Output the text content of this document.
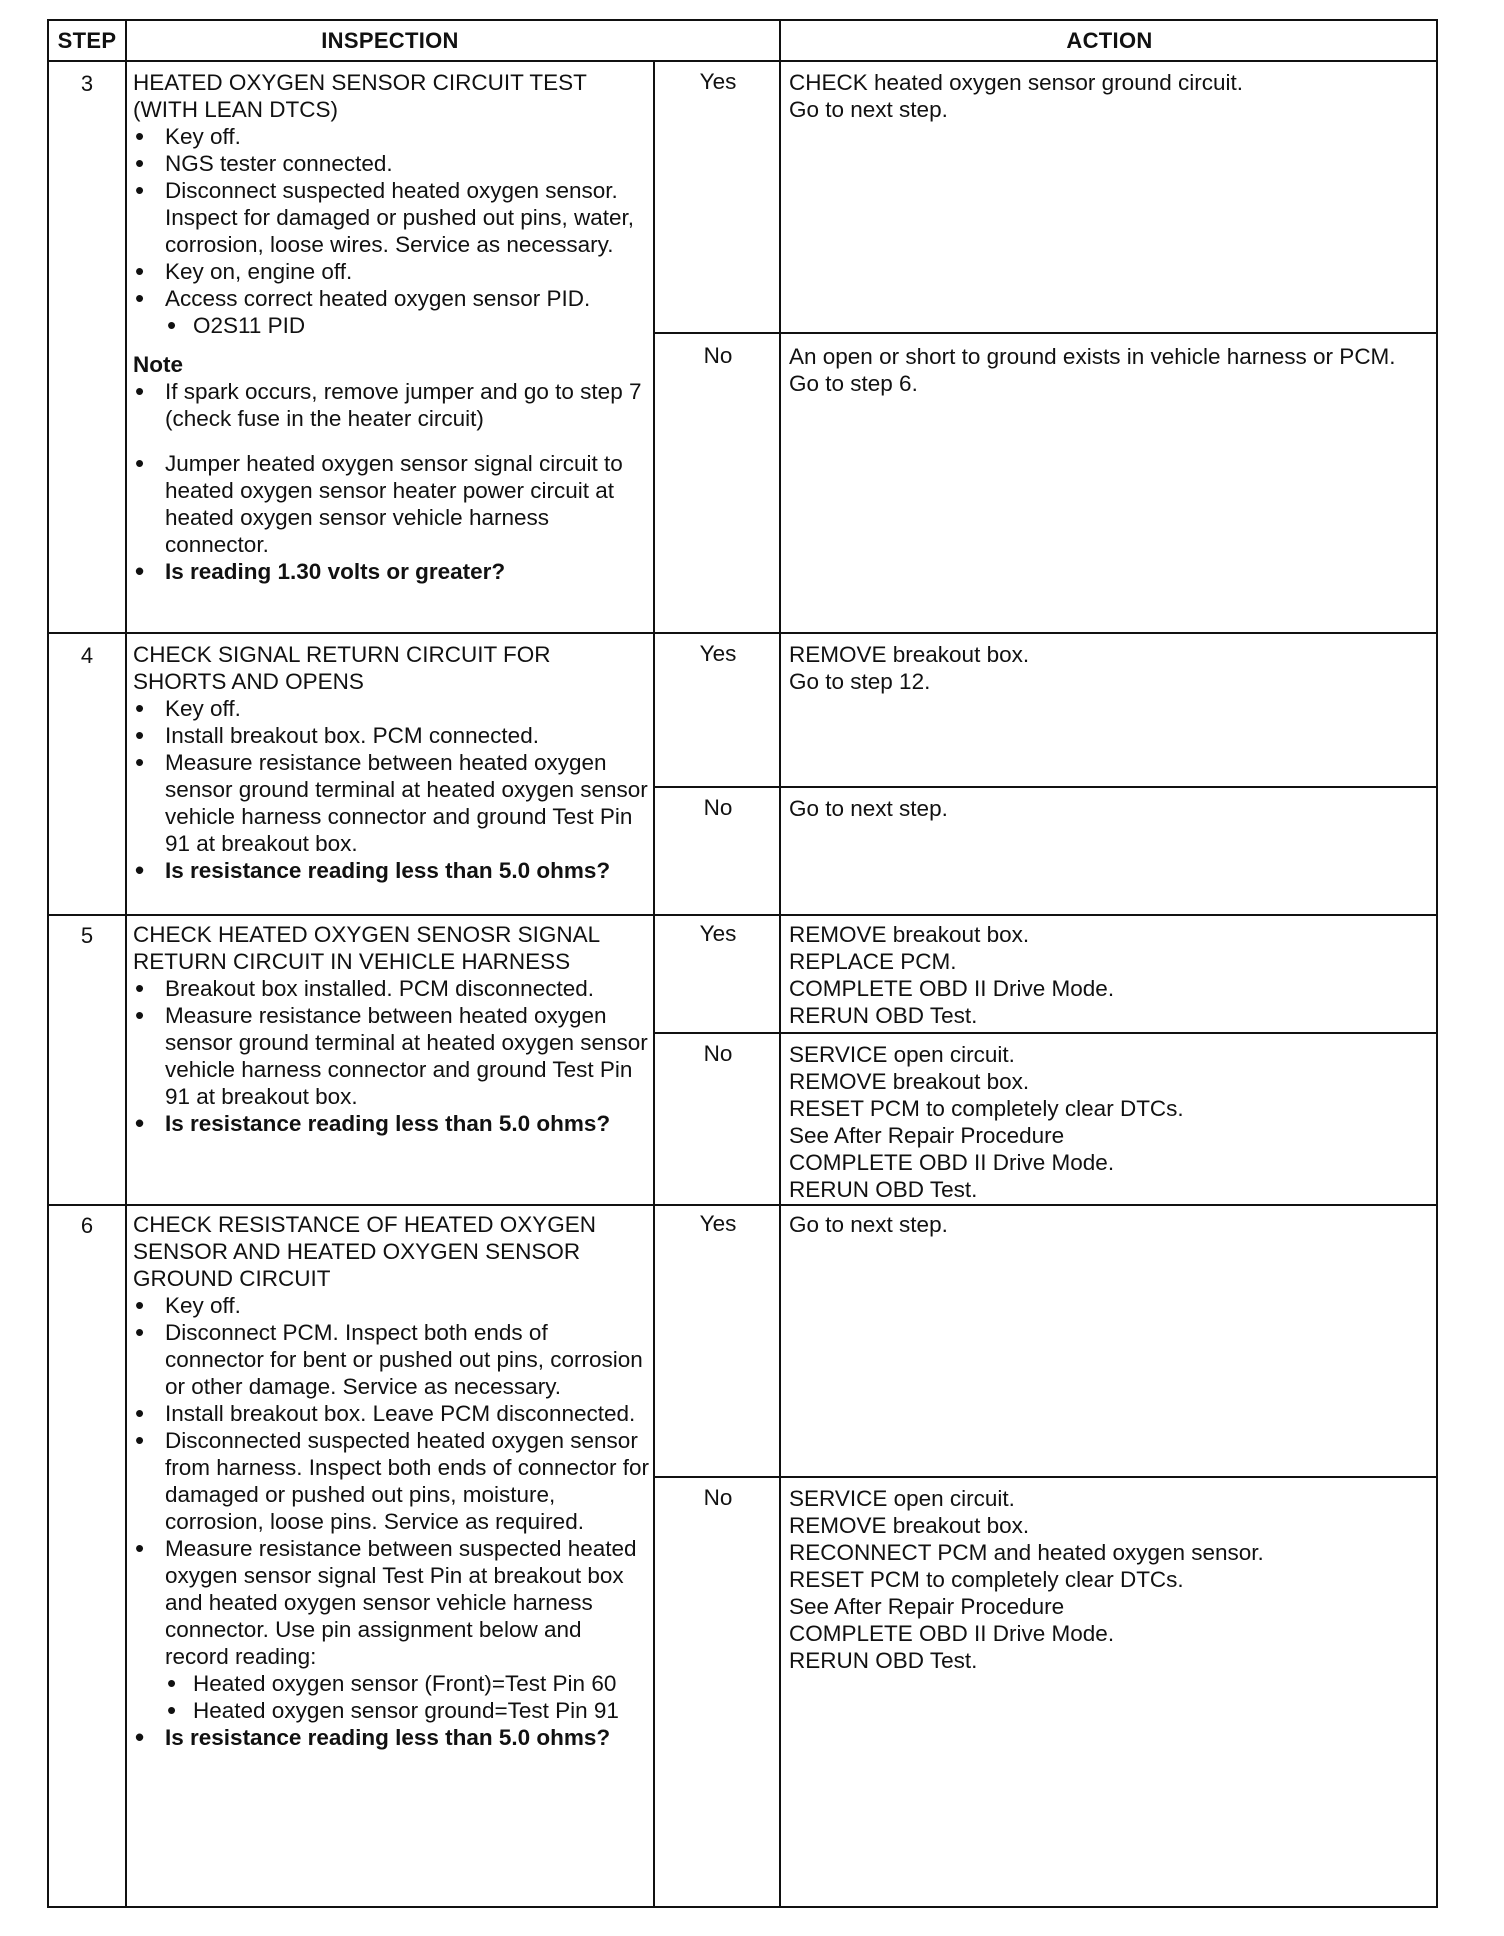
STEP	INSPECTION	ACTION
3	HEATED OXYGEN SENSOR CIRCUIT TEST (WITH LEAN DTCS)
• Key off.
• NGS tester connected.
• Disconnect suspected heated oxygen sensor. Inspect for damaged or pushed out pins, water, corrosion, loose wires. Service as necessary.
• Key on, engine off.
• Access correct heated oxygen sensor PID.
• O2S11 PID
Note
• If spark occurs, remove jumper and go to step 7 (check fuse in the heater circuit)
• Jumper heated oxygen sensor signal circuit to heated oxygen sensor heater power circuit at heated oxygen sensor vehicle harness connector.
• Is reading 1.30 volts or greater?
Yes	CHECK heated oxygen sensor ground circuit.
Go to next step.
No	An open or short to ground exists in vehicle harness or PCM.
Go to step 6.
4	CHECK SIGNAL RETURN CIRCUIT FOR SHORTS AND OPENS
• Key off.
• Install breakout box. PCM connected.
• Measure resistance between heated oxygen sensor ground terminal at heated oxygen sensor vehicle harness connector and ground Test Pin 91 at breakout box.
• Is resistance reading less than 5.0 ohms?
Yes	REMOVE breakout box.
Go to step 12.
No	Go to next step.
5	CHECK HEATED OXYGEN SENOSR SIGNAL RETURN CIRCUIT IN VEHICLE HARNESS
• Breakout box installed. PCM disconnected.
• Measure resistance between heated oxygen sensor ground terminal at heated oxygen sensor vehicle harness connector and ground Test Pin 91 at breakout box.
• Is resistance reading less than 5.0 ohms?
Yes	REMOVE breakout box.
REPLACE PCM.
COMPLETE OBD II Drive Mode.
RERUN OBD Test.
No	SERVICE open circuit.
REMOVE breakout box.
RESET PCM to completely clear DTCs.
See After Repair Procedure
COMPLETE OBD II Drive Mode.
RERUN OBD Test.
6	CHECK RESISTANCE OF HEATED OXYGEN SENSOR AND HEATED OXYGEN SENSOR GROUND CIRCUIT
• Key off.
• Disconnect PCM. Inspect both ends of connector for bent or pushed out pins, corrosion or other damage. Service as necessary.
• Install breakout box. Leave PCM disconnected.
• Disconnected suspected heated oxygen sensor from harness. Inspect both ends of connector for damaged or pushed out pins, moisture, corrosion, loose pins. Service as required.
• Measure resistance between suspected heated oxygen sensor signal Test Pin at breakout box and heated oxygen sensor vehicle harness connector. Use pin assignment below and record reading:
• Heated oxygen sensor (Front)=Test Pin 60
• Heated oxygen sensor ground=Test Pin 91
• Is resistance reading less than 5.0 ohms?
Yes	Go to next step.
No	SERVICE open circuit.
REMOVE breakout box.
RECONNECT PCM and heated oxygen sensor.
RESET PCM to completely clear DTCs.
See After Repair Procedure
COMPLETE OBD II Drive Mode.
RERUN OBD Test.
